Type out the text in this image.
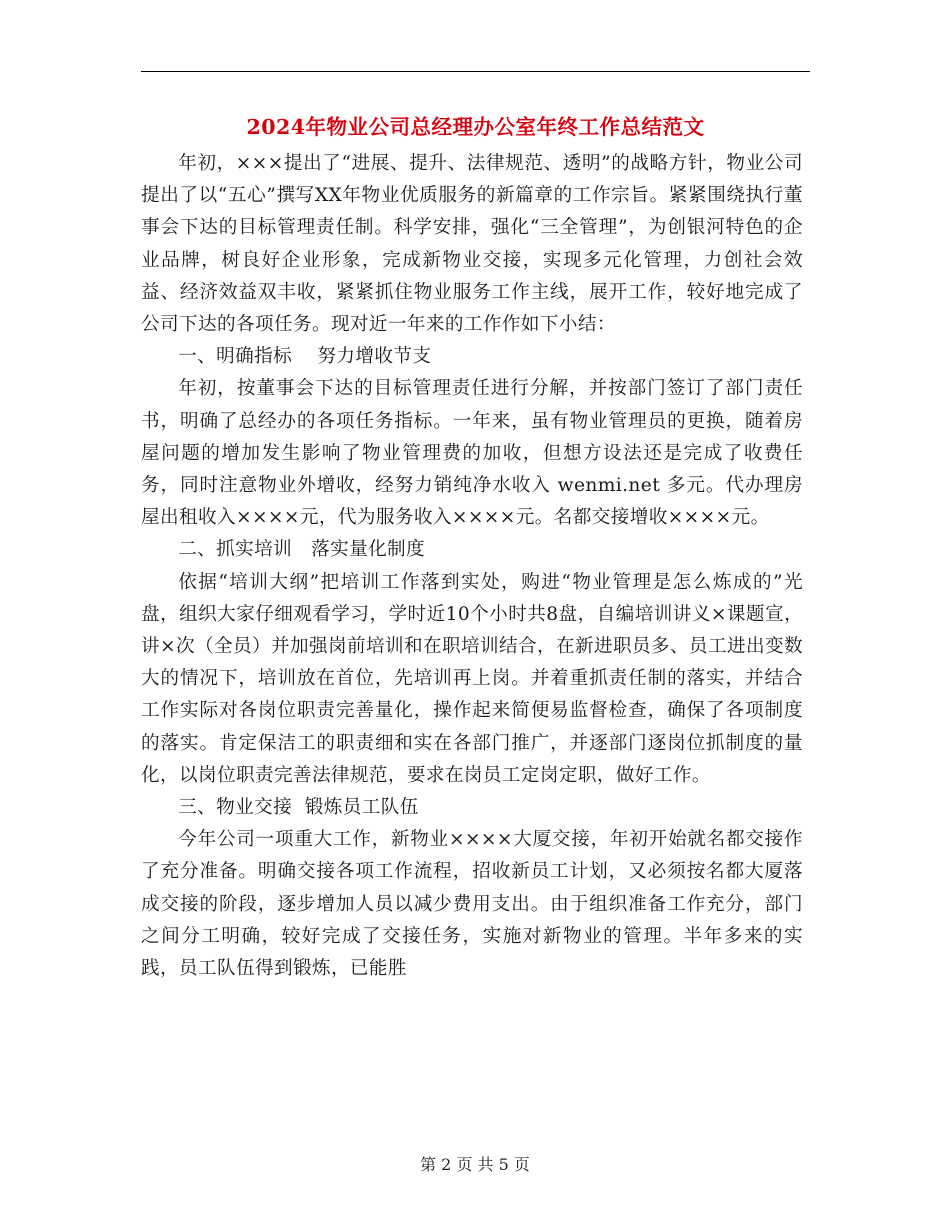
2024年物业公司总经理办公室年终工作总结范文

年初，×××提出了“进展、提升、法律规范、透明”的战略方针，物业公司提出了以“五心”撰写XX年物业优质服务的新篇章的工作宗旨。紧紧围绕执行董事会下达的目标管理责任制。科学安排，强化“三全管理”，为创银河特色的企业品牌，树良好企业形象，完成新物业交接，实现多元化管理，力创社会效益、经济效益双丰收，紧紧抓住物业服务工作主线，展开工作，较好地完成了公司下达的各项任务。现对近一年来的工作作如下小结：

一、明确指标    努力增收节支

年初，按董事会下达的目标管理责任进行分解，并按部门签订了部门责任书，明确了总经办的各项任务指标。一年来，虽有物业管理员的更换，随着房屋问题的增加发生影响了物业管理费的加收，但想方设法还是完成了收费任务，同时注意物业外增收，经努力销纯净水收入 wenmi.net 多元。代办理房屋出租收入××××元，代为服务收入××××元。名都交接增收××××元。

二、抓实培训   落实量化制度

依据“培训大纲”把培训工作落到实处，购进“物业管理是怎么炼成的”光盘，组织大家仔细观看学习，学时近10个小时共8盘，自编培训讲义×课题宣，讲×次（全员）并加强岗前培训和在职培训结合，在新进职员多、员工进出变数大的情况下，培训放在首位，先培训再上岗。并着重抓责任制的落实，并结合工作实际对各岗位职责完善量化，操作起来简便易监督检查，确保了各项制度的落实。肯定保洁工的职责细和实在各部门推广，并逐部门逐岗位抓制度的量化，以岗位职责完善法律规范，要求在岗员工定岗定职，做好工作。

三、物业交接  锻炼员工队伍

今年公司一项重大工作，新物业××××大厦交接，年初开始就名都交接作了充分准备。明确交接各项工作流程，招收新员工计划，又必须按名都大厦落成交接的阶段，逐步增加人员以减少费用支出。由于组织准备工作充分，部门之间分工明确，较好完成了交接任务，实施对新物业的管理。半年多来的实践，员工队伍得到锻炼，已能胜

第 2 页 共 5 页
